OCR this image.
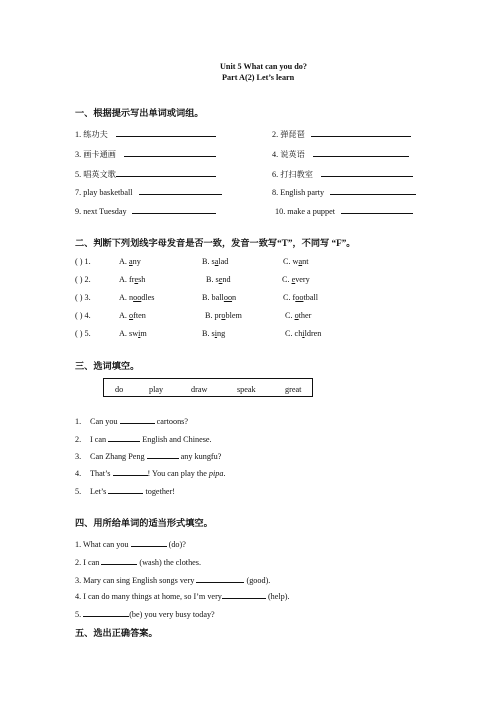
Unit 5 What can you do?
Part A(2) Let’s learn
一、根据提示写出单词或词组。
1. 练功夫	2. 弹琵琶
3. 画卡通画	4. 说英语
5. 唱英文歌	6. 打扫教室
7. play basketball	8. English party
9. next Tuesday	10. make a puppet
二、判断下列划线字母发音是否一致，发音一致写“T”，不同写 “F”。
( ) 1.	A. any	B. salad	C. want
( ) 2.	A. fresh	B. send	C. every
( ) 3.	A. noodles	B. balloon	C. football
( ) 4.	A. often	B. problem	C. other
( ) 5.	A. swim	B. sing	C. children
三、选词填空。
do	play	draw	speak	great
1. Can you	cartoons?
2. I can	English and Chinese.
3. Can Zhang Peng	any kungfu?
4. That’s	! You can play the pipa.
5. Let’s	together!
四、用所给单词的适当形式填空。
1. What can you	(do)?
2. I can	(wash) the clothes.
3. Mary can sing English songs very	(good).
4. I can do many things at home, so I’m very	(help).
5.	(be) you very busy today?
五、选出正确答案。
